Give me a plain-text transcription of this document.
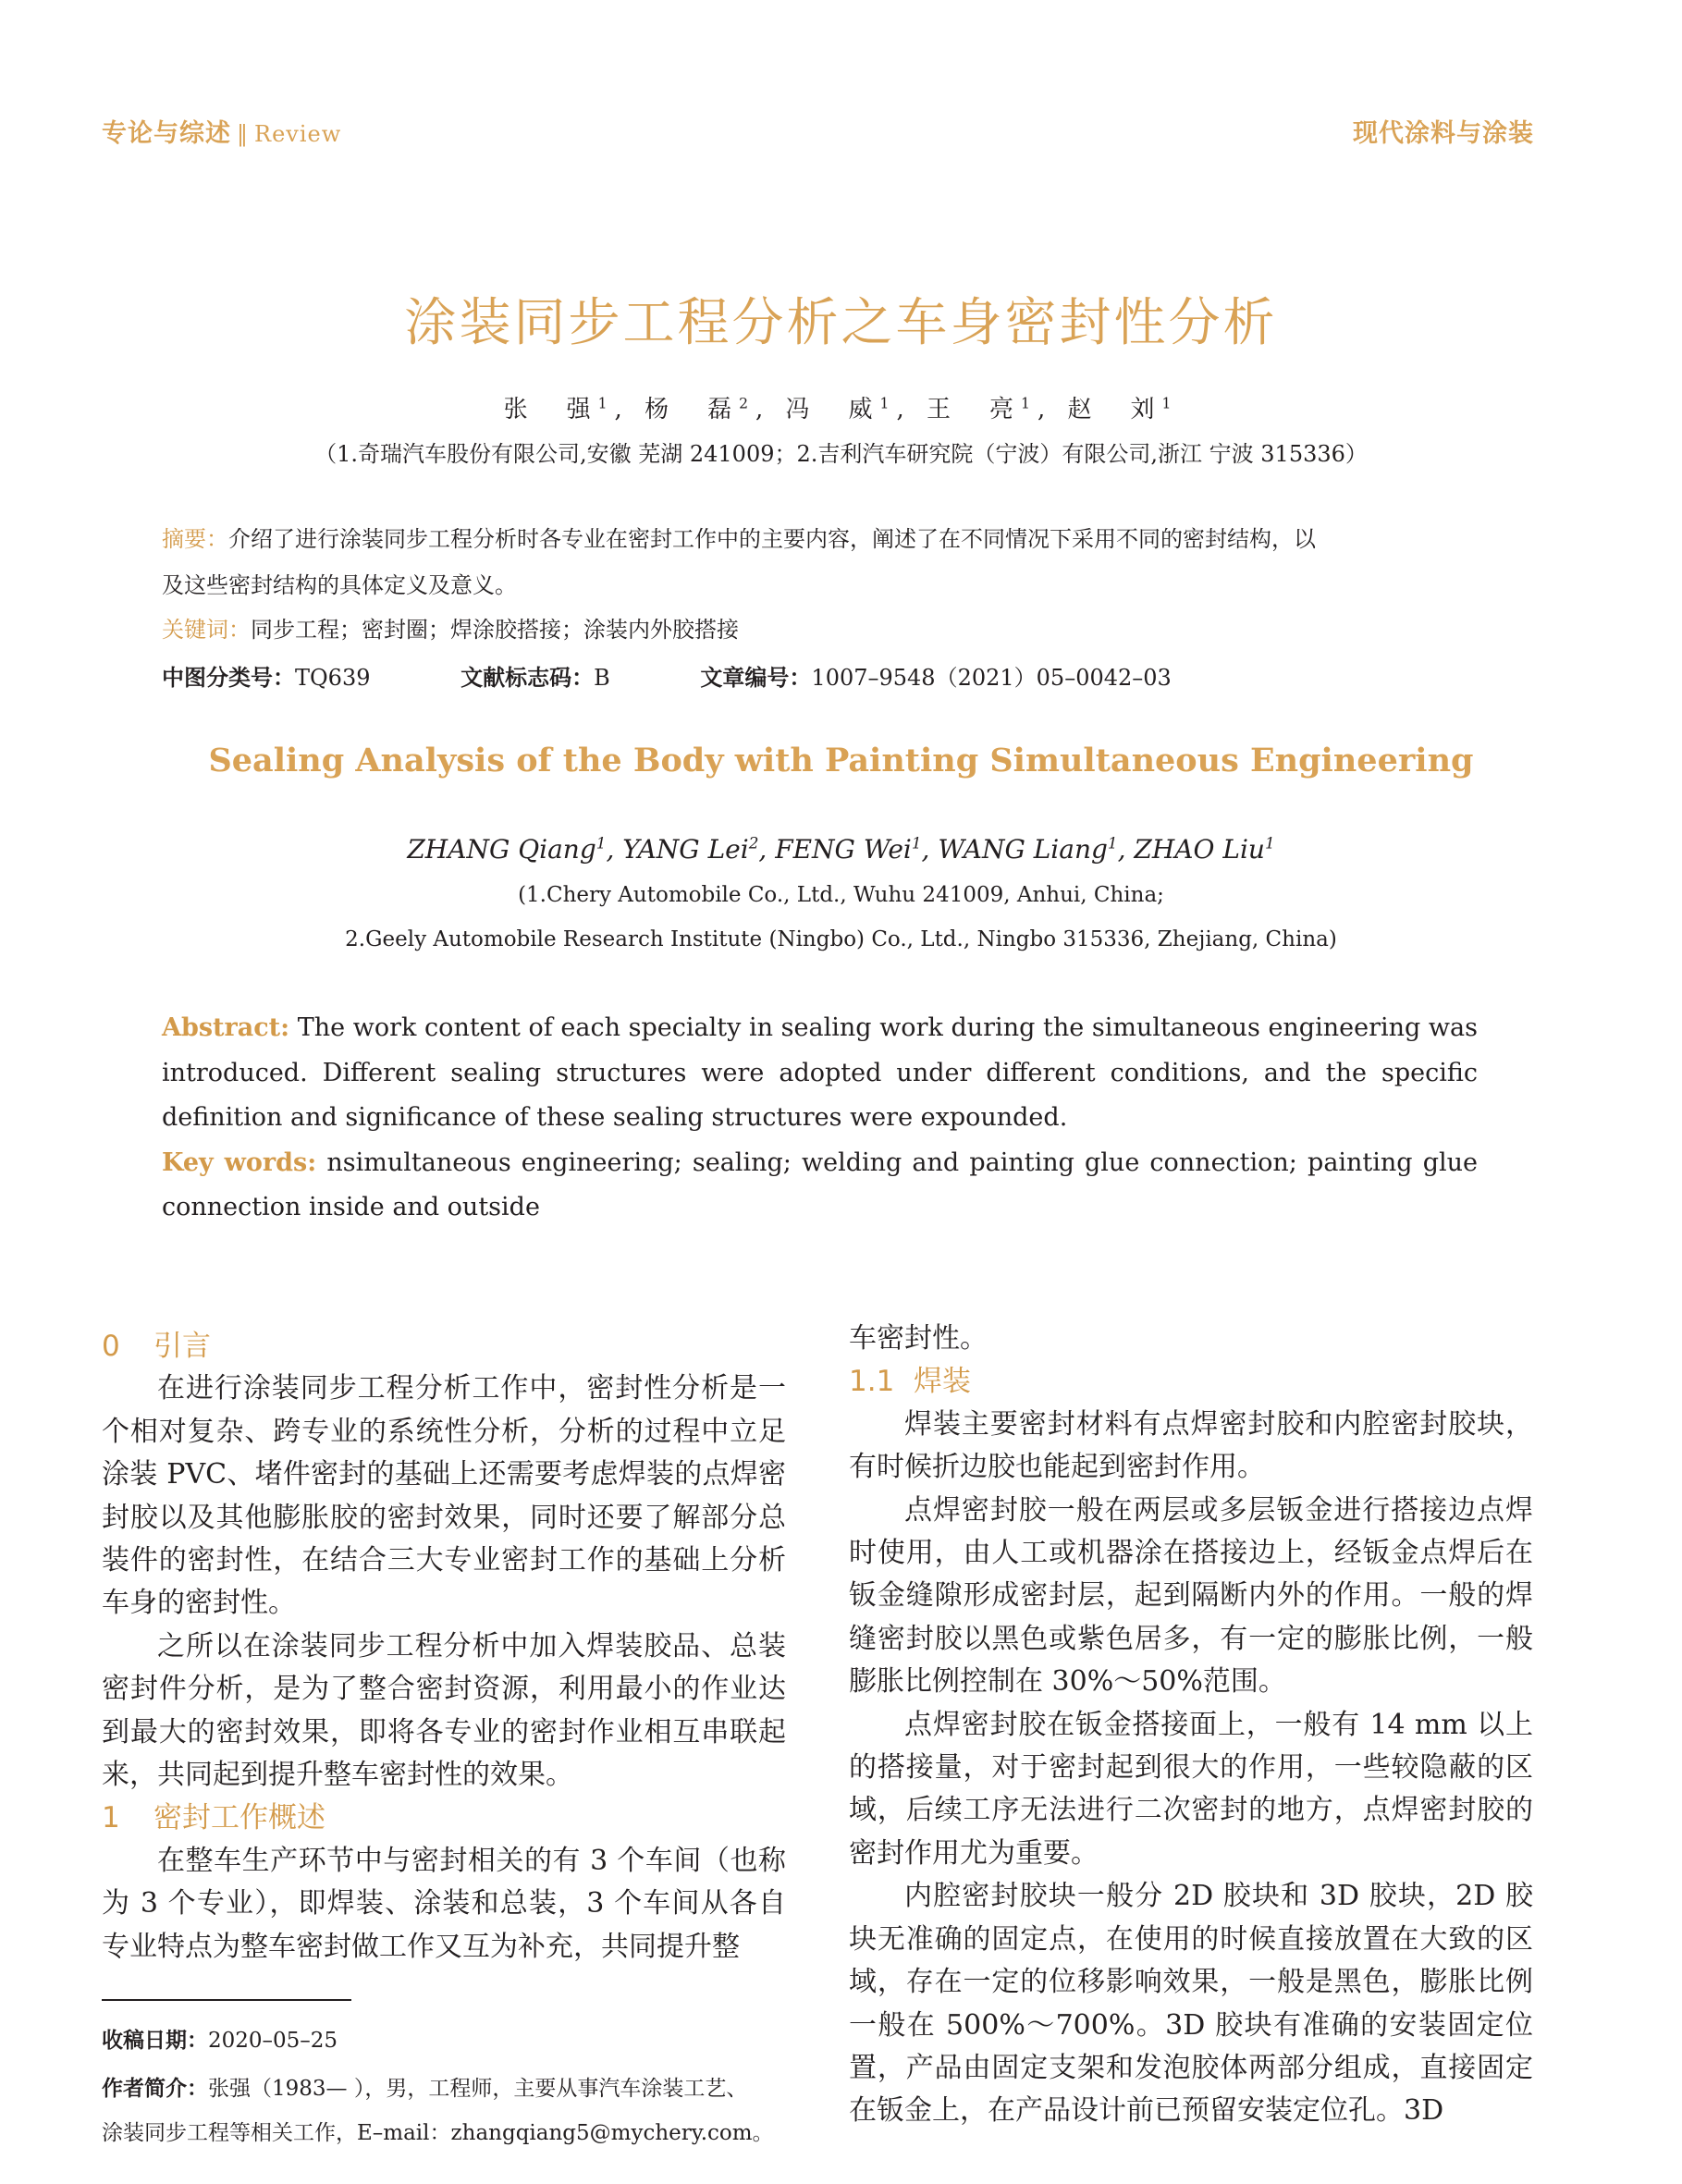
专论与综述 ‖ Review	现代涂料与涂装
涂装同步工程分析之车身密封性分析
张　强$^1$, 杨　磊$^2$, 冯　威$^1$, 王　亮$^1$, 赵　刘$^1$
（1.奇瑞汽车股份有限公司,安徽 芜湖 241009；2.吉利汽车研究院（宁波）有限公司,浙江 宁波 315336）
摘要：介绍了进行涂装同步工程分析时各专业在密封工作中的主要内容，阐述了在不同情况下采用不同的密封结构，以
及这些密封结构的具体定义及意义。
关键词：同步工程；密封圈；焊涂胶搭接；涂装内外胶搭接
中图分类号：TQ639	文献标志码：B	文章编号：1007–9548（2021）05–0042–03
Sealing Analysis of the Body with Painting Simultaneous Engineering
ZHANG Qiang$^1$, YANG Lei$^2$, FENG Wei$^1$, WANG Liang$^1$, ZHAO Liu$^1$
(1.Chery Automobile Co., Ltd., Wuhu 241009, Anhui, China;
2.Geely Automobile Research Institute (Ningbo) Co., Ltd., Ningbo 315336, Zhejiang, China)
Abstract: The work content of each specialty in sealing work during the simultaneous engineering was introduced. Different sealing structures were adopted under different conditions, and the specific definition and significance of these sealing structures were expounded.
Key words: nsimultaneous engineering; sealing; welding and painting glue connection; painting glue connection inside and outside

0 引言

在进行涂装同步工程分析工作中，密封性分析是一个相对复杂、跨专业的系统性分析，分析的过程中立足涂装 PVC、堵件密封的基础上还需要考虑焊装的点焊密封胶以及其他膨胀胶的密封效果，同时还要了解部分总装件的密封性，在结合三大专业密封工作的基础上分析车身的密封性。

之所以在涂装同步工程分析中加入焊装胶品、总装密封件分析，是为了整合密封资源，利用最小的作业达到最大的密封效果，即将各专业的密封作业相互串联起来，共同起到提升整车密封性的效果。

1 密封工作概述

在整车生产环节中与密封相关的有 3 个车间（也称为 3 个专业），即焊装、涂装和总装，3 个车间从各自专业特点为整车密封做工作又互为补充，共同提升整

收稿日期：2020–05–25
作者简介：张强（1983— ），男，工程师，主要从事汽车涂装工艺、
涂装同步工程等相关工作，E–mail：zhangqiang5@mychery.com。

车密封性。

1.1 焊装

焊装主要密封材料有点焊密封胶和内腔密封胶块，有时候折边胶也能起到密封作用。

点焊密封胶一般在两层或多层钣金进行搭接边点焊时使用，由人工或机器涂在搭接边上，经钣金点焊后在钣金缝隙形成密封层，起到隔断内外的作用。一般的焊缝密封胶以黑色或紫色居多，有一定的膨胀比例，一般膨胀比例控制在 30%～50%范围。

点焊密封胶在钣金搭接面上，一般有 14 mm 以上的搭接量，对于密封起到很大的作用，一些较隐蔽的区域，后续工序无法进行二次密封的地方，点焊密封胶的密封作用尤为重要。

内腔密封胶块一般分 2D 胶块和 3D 胶块，2D 胶块无准确的固定点，在使用的时候直接放置在大致的区域，存在一定的位移影响效果，一般是黑色，膨胀比例一般在 500%～700%。3D 胶块有准确的安装固定位置，产品由固定支架和发泡胶体两部分组成，直接固定在钣金上，在产品设计前已预留安装定位孔。3D
